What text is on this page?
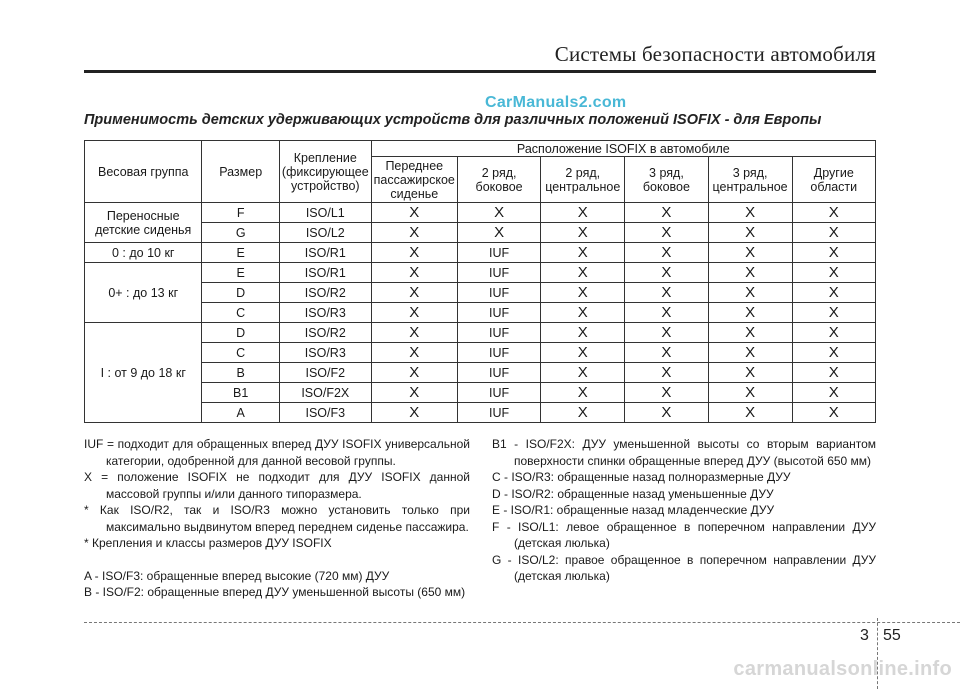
Системы безопасности автомобиля
CarManuals2.com
Применимость детских удерживающих устройств для различных положений ISOFIX - для Европы
Весовая группа	Размер	Крепление (фиксирующее устройство)	Расположение ISOFIX в автомобиле					
			Переднее пассажирское сиденье	2 ряд, боковое	2 ряд, центральное	3 ряд, боковое	3 ряд, центральное	Другие области
Переносные детские сиденья	F	ISO/L1	X	X	X	X	X	X
	G	ISO/L2	X	X	X	X	X	X
0 : до 10 кг	E	ISO/R1	X	IUF	X	X	X	X
0+ : до 13 кг	E	ISO/R1	X	IUF	X	X	X	X
	D	ISO/R2	X	IUF	X	X	X	X
	C	ISO/R3	X	IUF	X	X	X	X
I : от 9 до 18 кг	D	ISO/R2	X	IUF	X	X	X	X
	C	ISO/R3	X	IUF	X	X	X	X
	B	ISO/F2	X	IUF	X	X	X	X
	B1	ISO/F2X	X	IUF	X	X	X	X
	A	ISO/F3	X	IUF	X	X	X	X

IUF = подходит для обращенных вперед ДУУ ISOFIX универсальной категории, одобренной для данной весовой группы.

X = положение ISOFIX не подходит для ДУУ ISOFIX данной массовой группы и/или данного типоразмера.

* Как ISO/R2, так и ISO/R3 можно установить только при максимально выдвинутом вперед переднем сиденье пассажира.

* Крепления и классы размеров ДУУ ISOFIX

A - ISO/F3: обращенные вперед высокие (720 мм) ДУУ

B - ISO/F2: обращенные вперед ДУУ уменьшенной высоты (650 мм)

B1 - ISO/F2X: ДУУ уменьшенной высоты со вторым вариантом поверхности спинки обращенные вперед ДУУ (высотой 650 мм)

C - ISO/R3: обращенные назад полноразмерные ДУУ

D - ISO/R2: обращенные назад уменьшенные ДУУ

E - ISO/R1: обращенные назад младенческие ДУУ

F - ISO/L1: левое обращенное в поперечном направлении ДУУ (детская люлька)

G - ISO/L2: правое обращенное в поперечном направлении ДУУ (детская люлька)

3 55
carmanualsonline.info
